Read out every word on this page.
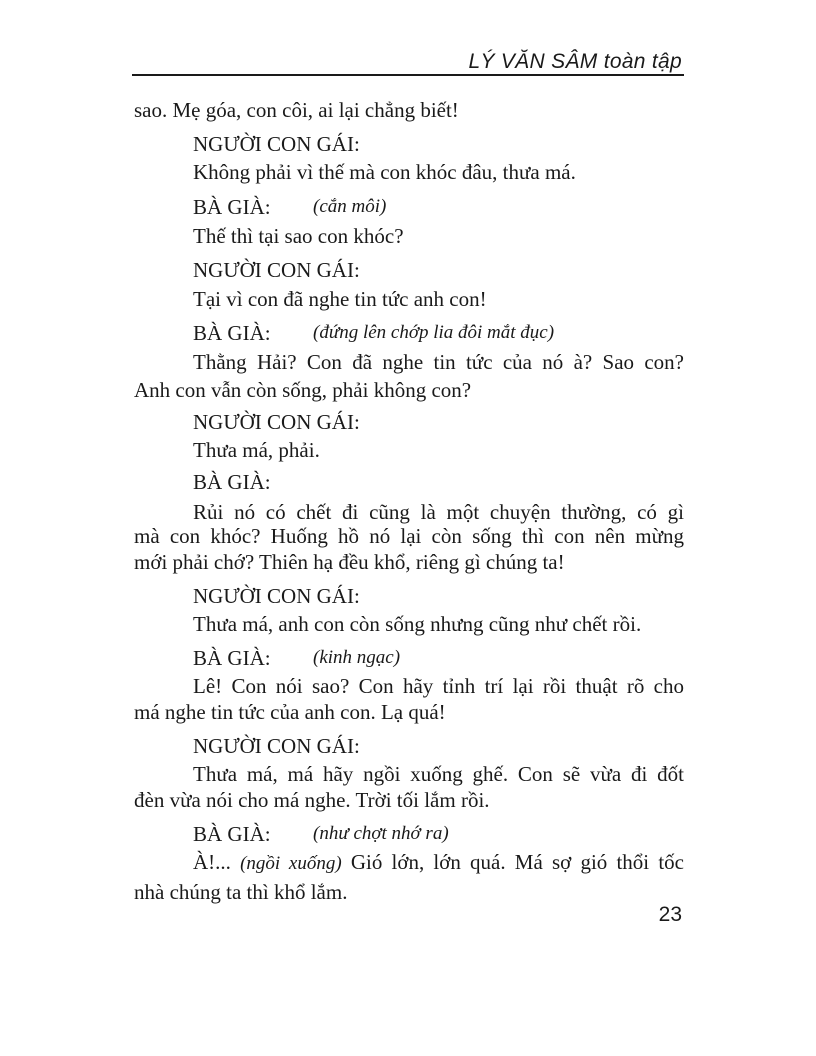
LÝ VĂN SÂM toàn tập
sao. Mẹ góa, con côi, ai lại chẳng biết!
NGƯỜI CON GÁI:
Không phải vì thế mà con khóc đâu, thưa má.
BÀ GIÀ: (cắn môi)
Thế thì tại sao con khóc?
NGƯỜI CON GÁI:
Tại vì con đã nghe tin tức anh con!
BÀ GIÀ: (đứng lên chớp lia đôi mắt đục)
Thằng Hải? Con đã nghe tin tức của nó à? Sao con?
Anh con vẫn còn sống, phải không con?
NGƯỜI CON GÁI:
Thưa má, phải.
BÀ GIÀ:
Rủi nó có chết đi cũng là một chuyện thường, có gì
mà con khóc? Huống hồ nó lại còn sống thì con nên mừng
mới phải chớ? Thiên hạ đều khổ, riêng gì chúng ta!
NGƯỜI CON GÁI:
Thưa má, anh con còn sống nhưng cũng như chết rồi.
BÀ GIÀ: (kinh ngạc)
Lê! Con nói sao? Con hãy tỉnh trí lại rồi thuật rõ cho
má nghe tin tức của anh con. Lạ quá!
NGƯỜI CON GÁI:
Thưa má, má hãy ngồi xuống ghế. Con sẽ vừa đi đốt
đèn vừa nói cho má nghe. Trời tối lắm rồi.
BÀ GIÀ: (như chợt nhớ ra)
À!... (ngồi xuống) Gió lớn, lớn quá. Má sợ gió thổi tốc
nhà chúng ta thì khổ lắm.
23
